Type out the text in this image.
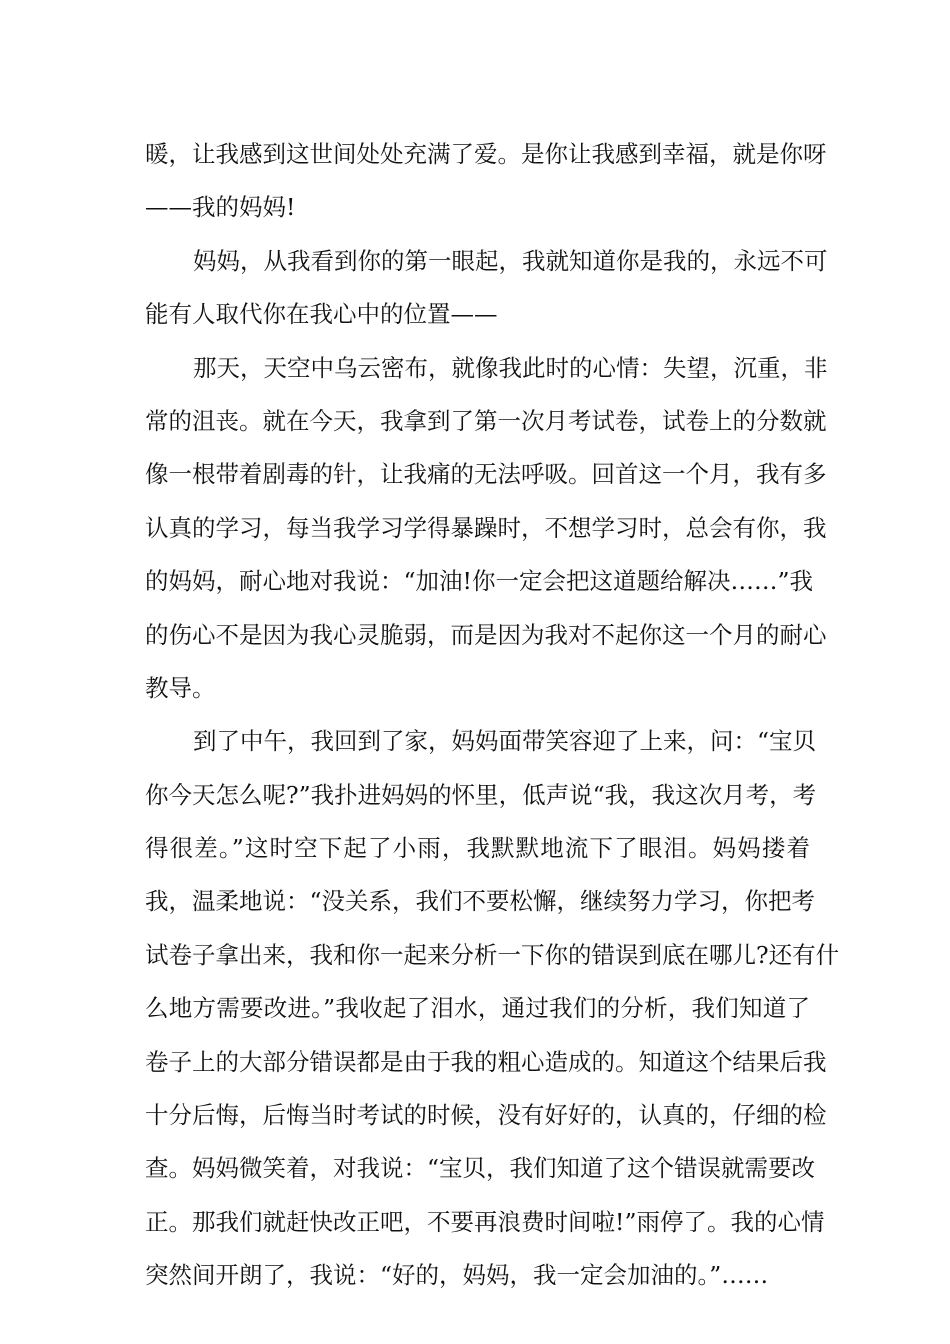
暖，让我感到这世间处处充满了爱。是你让我感到幸福，就是你呀
——我的妈妈!
妈妈，从我看到你的第一眼起，我就知道你是我的，永远不可
能有人取代你在我心中的位置——
那天，天空中乌云密布，就像我此时的心情：失望，沉重，非
常的沮丧。就在今天，我拿到了第一次月考试卷，试卷上的分数就
像一根带着剧毒的针，让我痛的无法呼吸。回首这一个月，我有多
认真的学习，每当我学习学得暴躁时，不想学习时，总会有你，我
的妈妈，耐心地对我说：“加油!你一定会把这道题给解决……”我
的伤心不是因为我心灵脆弱，而是因为我对不起你这一个月的耐心
教导。
到了中午，我回到了家，妈妈面带笑容迎了上来，问：“宝贝
你今天怎么呢?”我扑进妈妈的怀里，低声说“我，我这次月考，考
得很差。”这时空下起了小雨，我默默地流下了眼泪。妈妈搂着
我，温柔地说：“没关系，我们不要松懈，继续努力学习，你把考
试卷子拿出来，我和你一起来分析一下你的错误到底在哪儿?还有什
么地方需要改进。”我收起了泪水，通过我们的分析，我们知道了
卷子上的大部分错误都是由于我的粗心造成的。知道这个结果后我
十分后悔，后悔当时考试的时候，没有好好的，认真的，仔细的检
查。妈妈微笑着，对我说：“宝贝，我们知道了这个错误就需要改
正。那我们就赶快改正吧，不要再浪费时间啦!”雨停了。我的心情
突然间开朗了，我说：“好的，妈妈，我一定会加油的。”……
